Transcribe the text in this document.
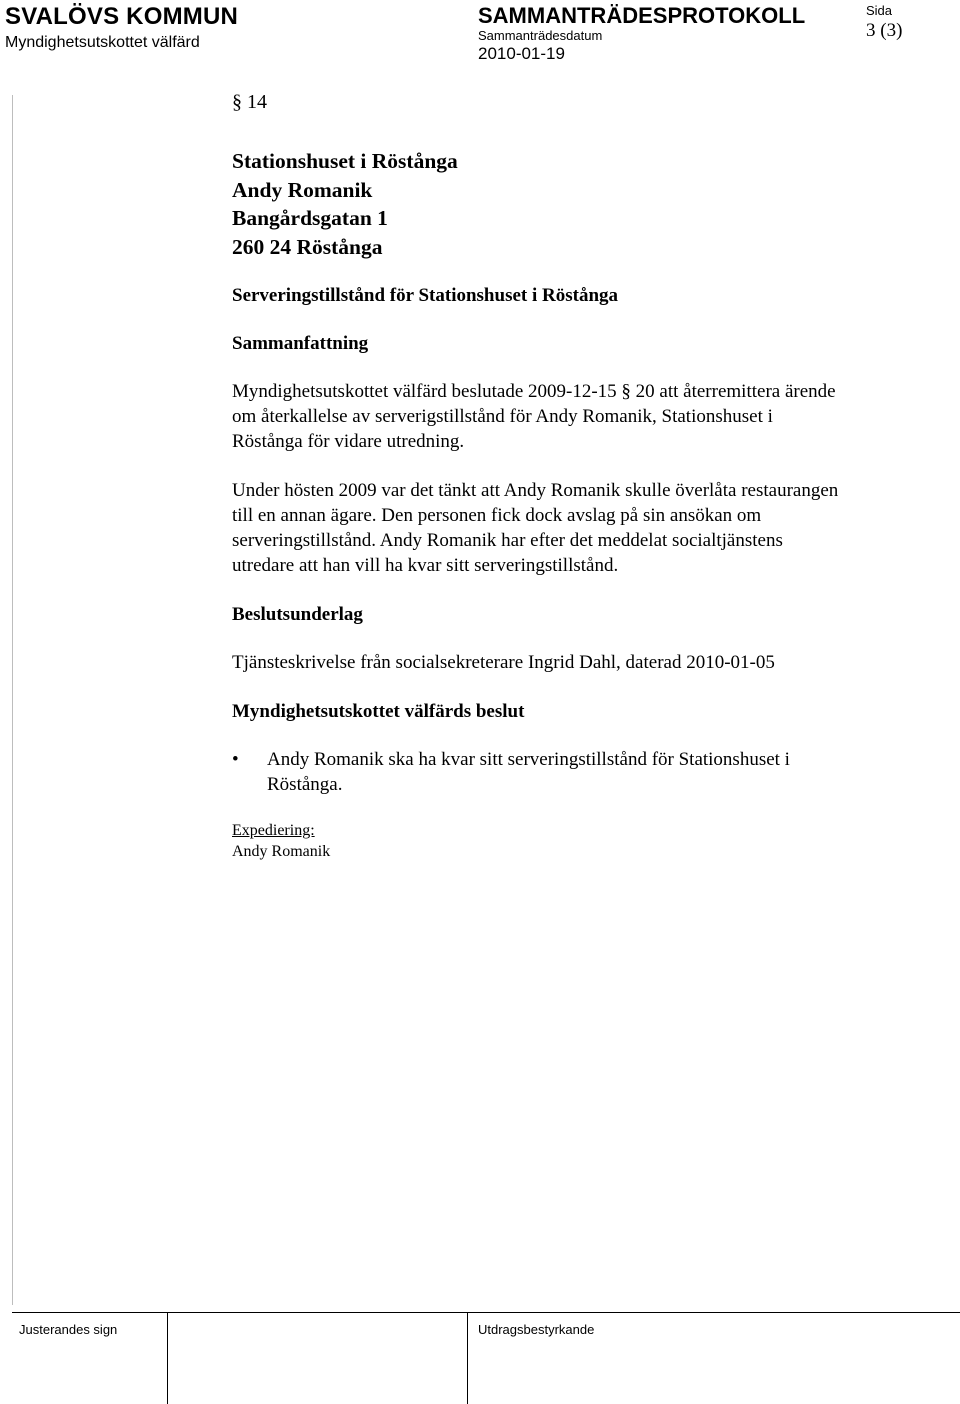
SVALÖVS KOMMUN
Myndighetsutskottet välfärd
SAMMANTRÄDESPROTOKOLL
Sammanträdesdatum
2010-01-19
Sida
3 (3)
§ 14
Stationshuset i Röstånga
Andy Romanik
Bangårdsgatan 1
260 24 Röstånga
Serveringstillstånd för Stationshuset i Röstånga
Sammanfattning
Myndighetsutskottet välfärd beslutade 2009-12-15 § 20 att återremittera ärende
om återkallelse av serverigstillstånd för Andy Romanik, Stationshuset i
Röstånga för vidare utredning.
Under hösten 2009 var det tänkt att Andy Romanik skulle överlåta restaurangen
till en annan ägare. Den personen fick dock avslag på sin ansökan om
serveringstillstånd. Andy Romanik har efter det meddelat socialtjänstens
utredare att han vill ha kvar sitt serveringstillstånd.
Beslutsunderlag
Tjänsteskrivelse från socialsekreterare Ingrid Dahl, daterad 2010-01-05
Myndighetsutskottet välfärds beslut
• Andy Romanik ska ha kvar sitt serveringstillstånd för Stationshuset i
Röstånga.
Expediering:
Andy Romanik
Justerandes sign	Utdragsbestyrkande
